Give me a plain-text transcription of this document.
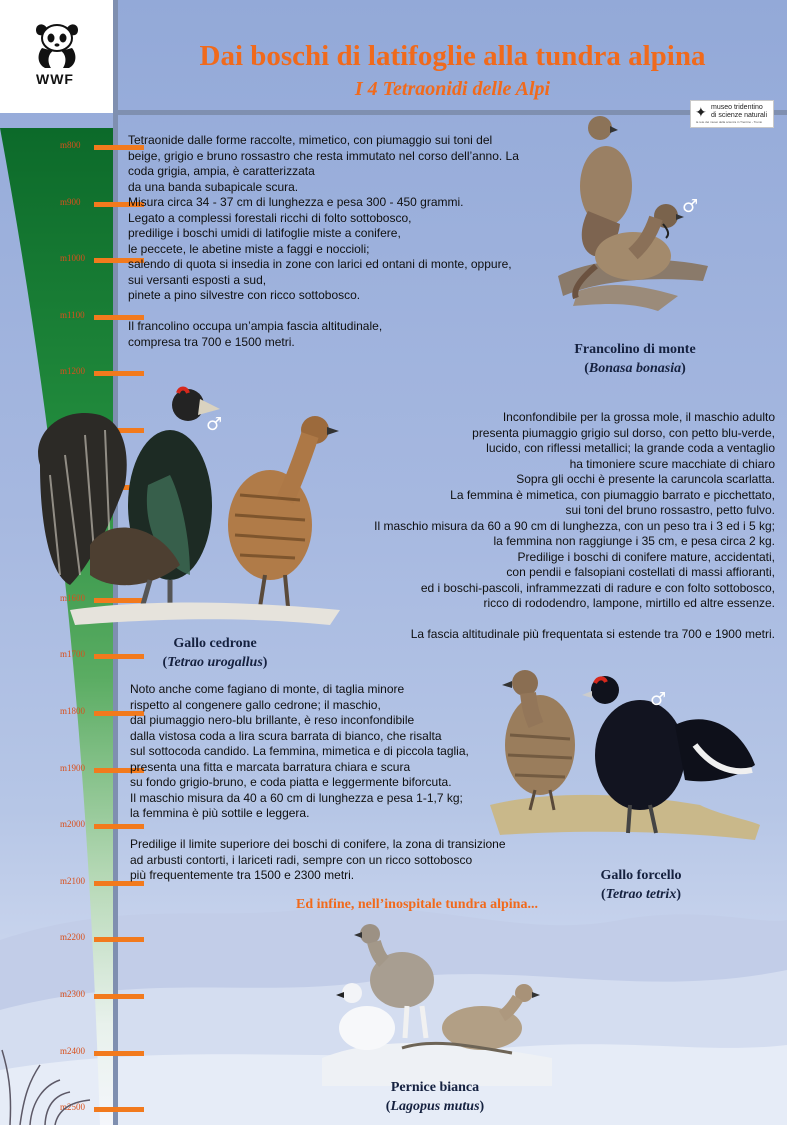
WWF
Dai boschi di latifoglie alla tundra alpina
I 4 Tetraonidi delle Alpi
✦ museo tridentino
di scienze naturali
la rete dei musei della scienza in Trentino - Trento
m800
m900
m1000
m1100
m1200
m1600
m1700
m1800
m1900
m2000
m2100
m2200
m2300
m2400
m2500

Tetraonide dalle forme raccolte, mimetico, con piumaggio sui toni del

beige, grigio e bruno rossastro che resta immutato nel corso dell’anno. La

coda grigia, ampia, è caratterizzata

da una banda subapicale scura.

Misura circa 34 - 37 cm di lunghezza e pesa 300 - 450 grammi.

Legato a complessi forestali ricchi di folto sottobosco,

predilige i boschi umidi di latifoglie miste a conifere,

le peccete, le abetine miste a faggi e noccioli;

salendo di quota si insedia in zone con larici ed ontani di monte, oppure,

sui versanti esposti a sud,

pinete a pino silvestre con ricco sottobosco.

Il francolino occupa un’ampia fascia altitudinale,

compresa tra 700 e 1500 metri.

♂
Francolino di monte
(Bonasa bonasia)
♂	Inconfondibile per la grossa mole, il maschio adulto

presenta piumaggio grigio sul dorso, con petto blu-verde,

lucido, con riflessi metallici; la grande coda a ventaglio

ha timoniere scure macchiate di chiaro

Sopra gli occhi è presente la caruncola scarlatta.

La femmina è mimetica, con piumaggio barrato e picchettato,

sui toni del bruno rossastro, petto fulvo.

Il maschio misura da 60 a 90 cm di lunghezza, con un peso tra i 3 ed i 5 kg;

la femmina non raggiunge i 35 cm, e pesa circa 2 kg.

Predilige i boschi di conifere mature, accidentati,

con pendii e falsopiani costellati di massi affioranti,

ed i boschi-pascoli, inframmezzati di radure e con folto sottobosco,

ricco di rododendro, lampone, mirtillo ed altre essenze.

La fascia altitudinale più frequentata si estende tra 700 e 1900 metri.

Gallo cedrone
(Tetrao urogallus)

Noto anche come fagiano di monte, di taglia minore

rispetto al congenere gallo cedrone; il maschio,

dal piumaggio nero-blu brillante, è reso inconfondibile

dalla vistosa coda a lira scura barrata di bianco, che risalta

sul sottocoda candido. La femmina, mimetica e di piccola taglia,

presenta una fitta e marcata barratura chiara e scura

su fondo grigio-bruno, e coda piatta e leggermente biforcuta.

Il maschio misura da 40 a 60 cm di lunghezza e pesa 1-1,7 kg;

la femmina è più sottile e leggera.

Predilige il limite superiore dei boschi di conifere, la zona di transizione

ad arbusti contorti, i lariceti radi, sempre con un ricco sottobosco

più frequentemente tra 1500 e 2300 metri.

♂
Gallo forcello
(Tetrao tetrix)
Ed infine, nell’inospitale tundra alpina...
Pernice bianca
(Lagopus mutus)
